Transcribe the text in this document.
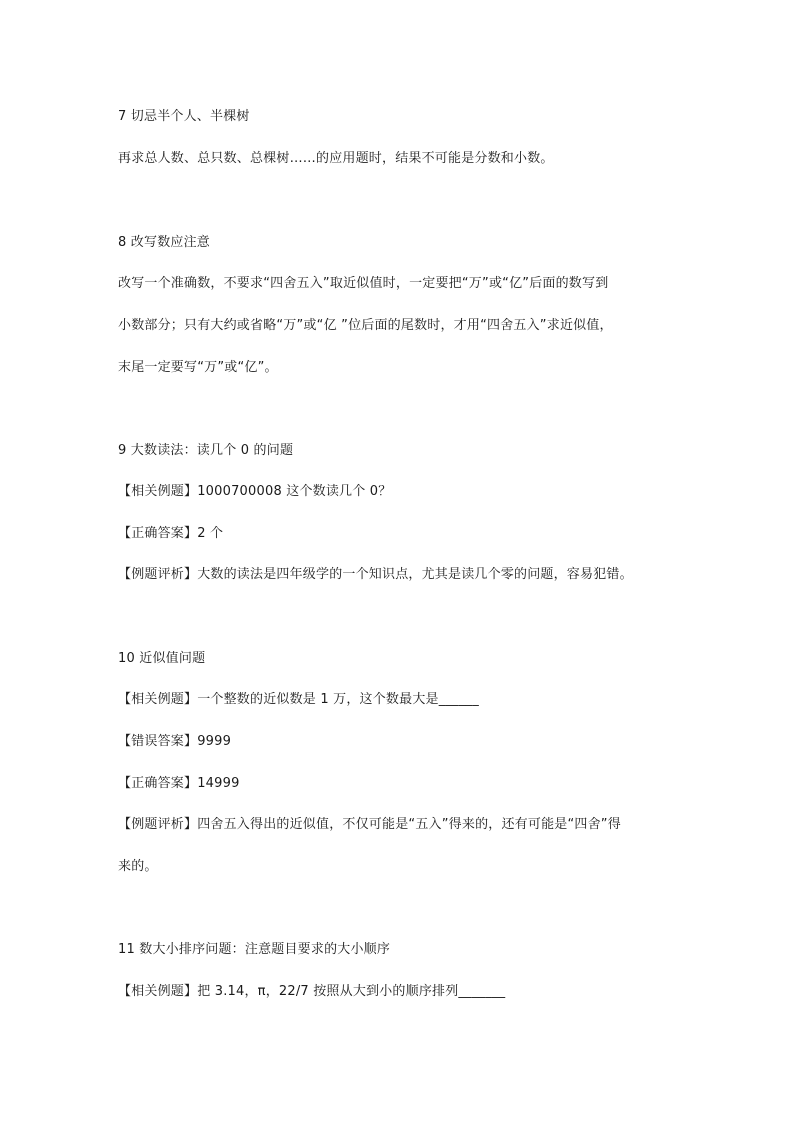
7 切忌半个人、半棵树
再求总人数、总只数、总棵树……的应用题时，结果不可能是分数和小数。
8 改写数应注意
改写一个准确数，不要求“四舍五入”取近似值时，一定要把“万”或“亿”后面的数写到
小数部分；只有大约或省略“万”或“亿 ”位后面的尾数时，才用“四舍五入”求近似值，
末尾一定要写“万”或“亿”。
9 大数读法：读几个 0 的问题
【相关例题】1000700008 这个数读几个 0？
【正确答案】2 个
【例题评析】大数的读法是四年级学的一个知识点，尤其是读几个零的问题，容易犯错。
10 近似值问题
【相关例题】一个整数的近似数是 1 万，这个数最大是______
【错误答案】9999
【正确答案】14999
【例题评析】四舍五入得出的近似值，不仅可能是“五入”得来的，还有可能是“四舍”得
来的。
11 数大小排序问题：注意题目要求的大小顺序
【相关例题】把 3.14，π，22/7 按照从大到小的顺序排列_______
